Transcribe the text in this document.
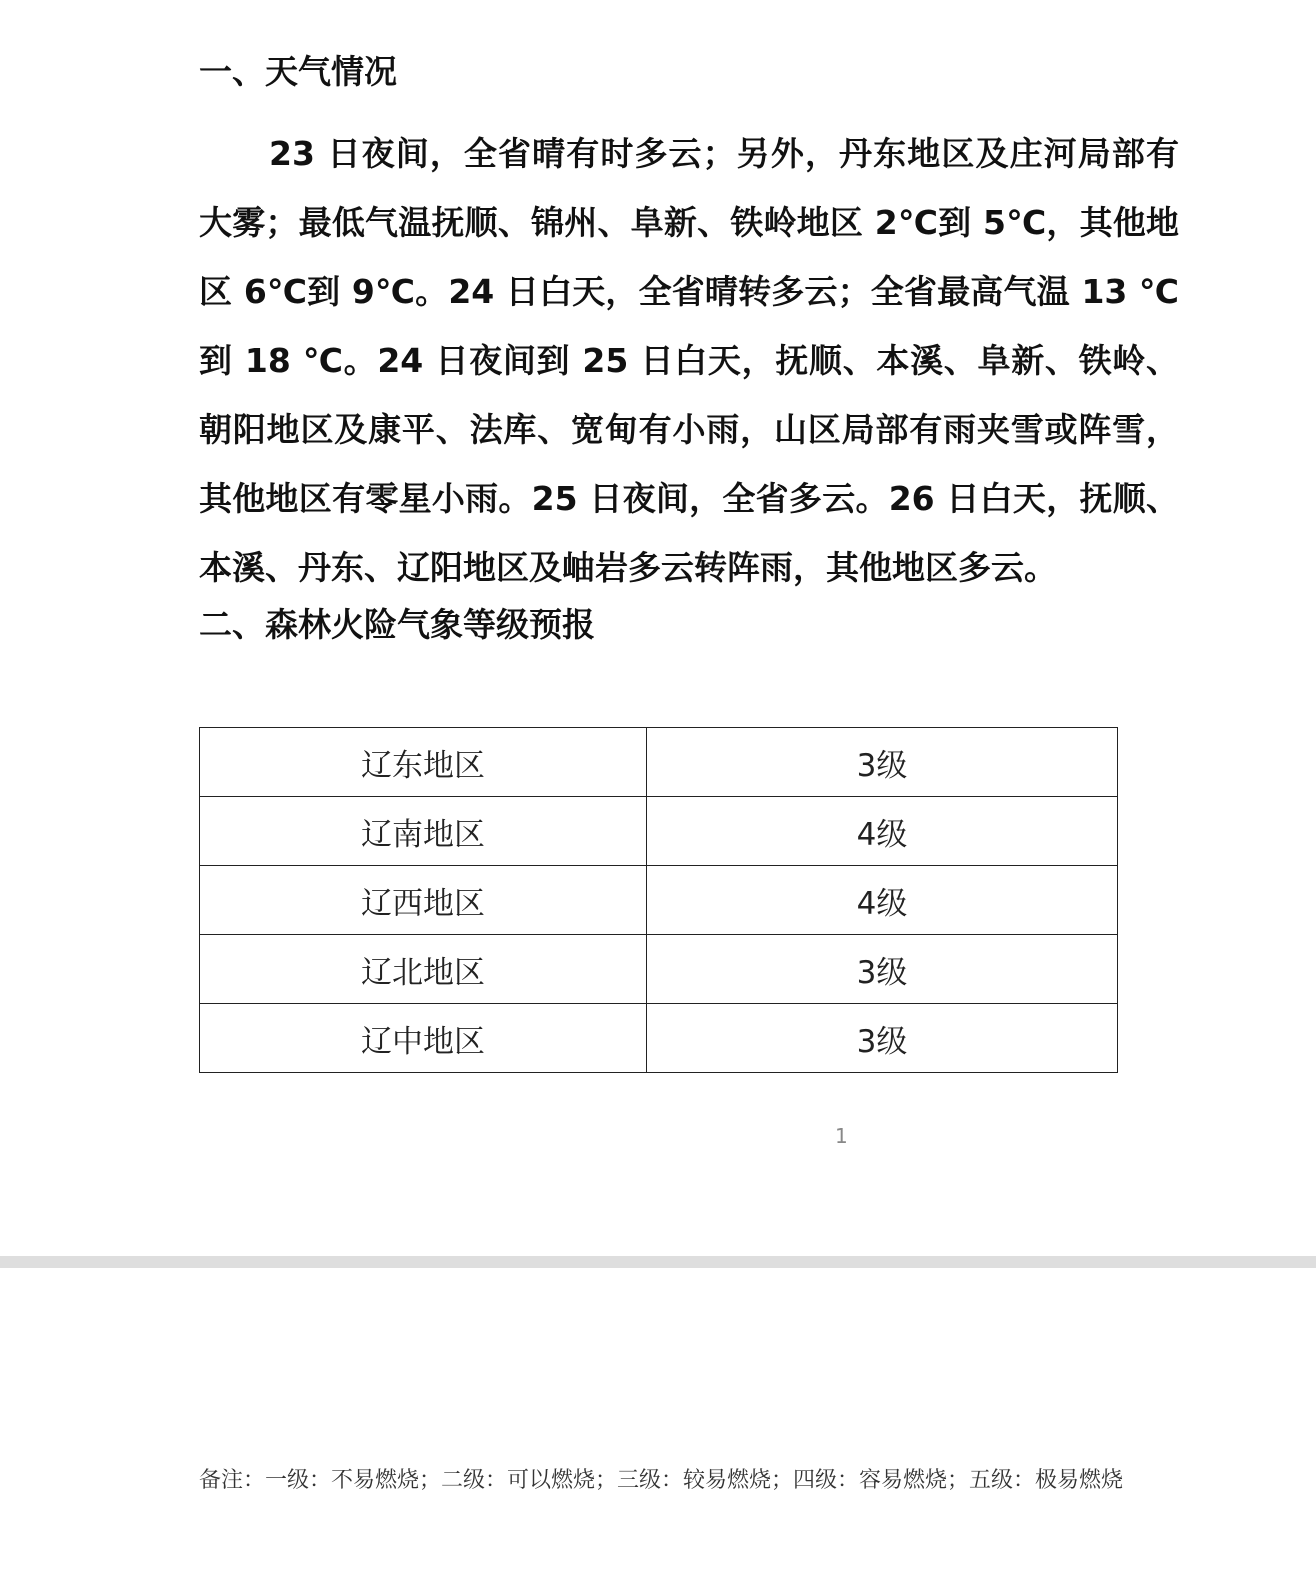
一、天气情况

23 日夜间，全省晴有时多云；另外，丹东地区及庄河局部有大雾；最低气温抚顺、锦州、阜新、铁岭地区 2℃到 5℃，其他地区 6℃到 9℃。24 日白天，全省晴转多云；全省最高气温 13 ℃到 18 ℃。24 日夜间到 25 日白天，抚顺、本溪、阜新、铁岭、朝阳地区及康平、法库、宽甸有小雨，山区局部有雨夹雪或阵雪，其他地区有零星小雨。25 日夜间，全省多云。26 日白天，抚顺、本溪、丹东、辽阳地区及岫岩多云转阵雨，其他地区多云。

二、森林火险气象等级预报
辽东地区	3级
辽南地区	4级
辽西地区	4级
辽北地区	3级
辽中地区	3级
1
备注：一级：不易燃烧；二级：可以燃烧；三级：较易燃烧；四级：容易燃烧；五级：极易燃烧
